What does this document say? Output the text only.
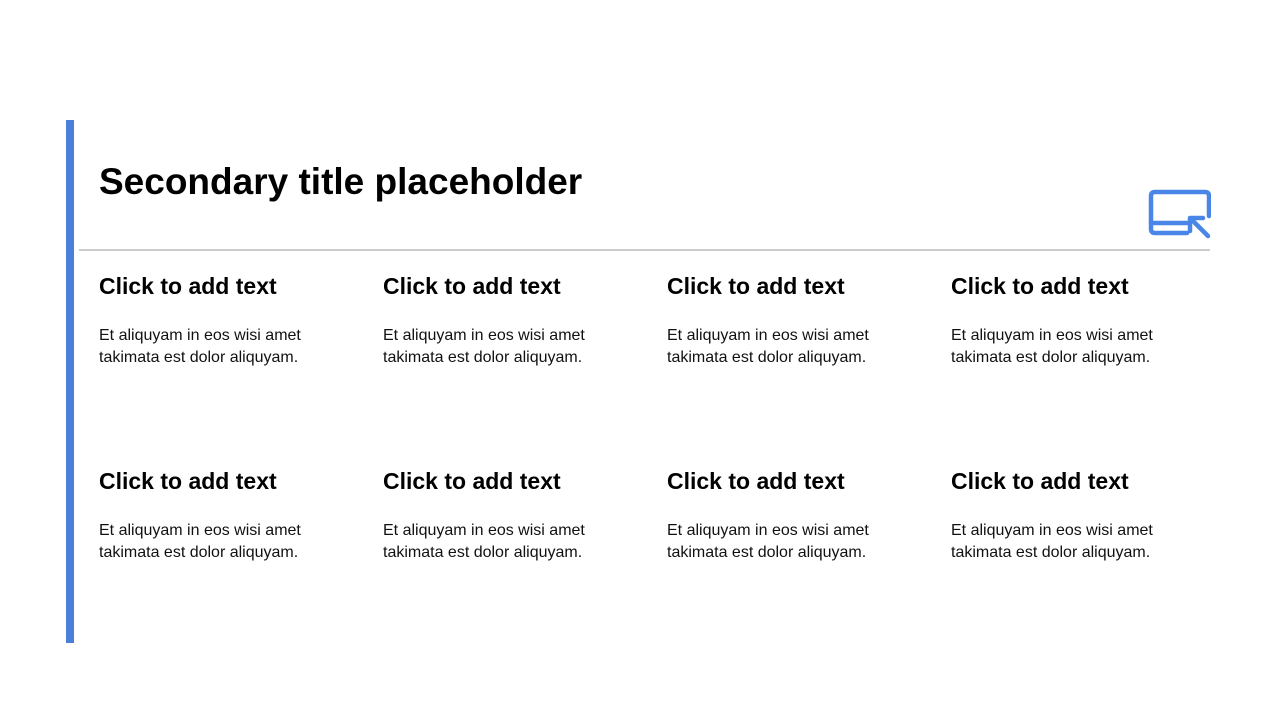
Secondary title placeholder
Click to add text

Et aliquyam in eos wisi amet takimata est dolor aliquyam.

Click to add text

Et aliquyam in eos wisi amet takimata est dolor aliquyam.

Click to add text

Et aliquyam in eos wisi amet takimata est dolor aliquyam.

Click to add text

Et aliquyam in eos wisi amet takimata est dolor aliquyam.

Click to add text

Et aliquyam in eos wisi amet takimata est dolor aliquyam.

Click to add text

Et aliquyam in eos wisi amet takimata est dolor aliquyam.

Click to add text

Et aliquyam in eos wisi amet takimata est dolor aliquyam.

Click to add text

Et aliquyam in eos wisi amet takimata est dolor aliquyam.
